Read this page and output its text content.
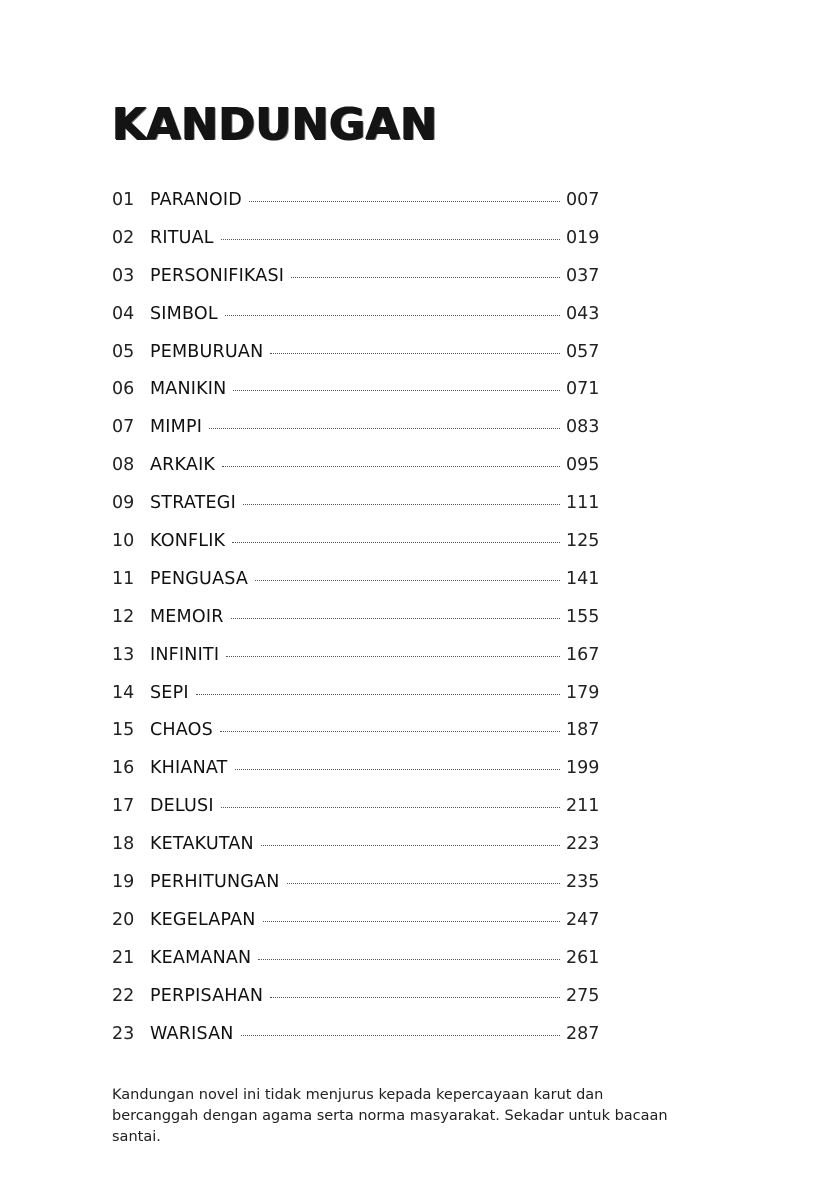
KANDUNGAN
01 PARANOID	007
02 RITUAL	019
03 PERSONIFIKASI	037
04 SIMBOL	043
05 PEMBURUAN	057
06 MANIKIN	071
07 MIMPI	083
08 ARKAIK	095
09 STRATEGI	111
10 KONFLIK	125
11 PENGUASA	141
12 MEMOIR	155
13 INFINITI	167
14 SEPI	179
15 CHAOS	187
16 KHIANAT	199
17 DELUSI	211
18 KETAKUTAN	223
19 PERHITUNGAN	235
20 KEGELAPAN	247
21 KEAMANAN	261
22 PERPISAHAN	275
23 WARISAN	287

Kandungan novel ini tidak menjurus kepada kepercayaan karut dan bercanggah dengan agama serta norma masyarakat. Sekadar untuk bacaan santai.
